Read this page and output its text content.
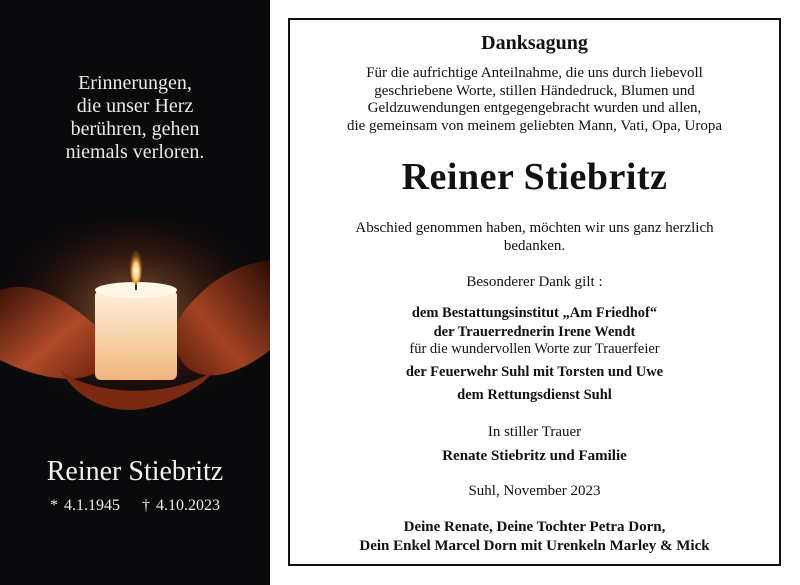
Erinnerungen,
die unser Herz
berühren, gehen
niemals verloren.
Reiner Stiebritz
* 4.1.1945 † 4.10.2023
Danksagung
Für die aufrichtige Anteilnahme, die uns durch liebevoll
geschriebene Worte, stillen Händedruck, Blumen und
Geldzuwendungen entgegengebracht wurden und allen,
die gemeinsam von meinem geliebten Mann, Vati, Opa, Uropa
Reiner Stiebritz
Abschied genommen haben, möchten wir uns ganz herzlich
bedanken.
Besonderer Dank gilt :
dem Bestattungsinstitut „Am Friedhof“
der Trauerrednerin Irene Wendt
für die wundervollen Worte zur Trauerfeier
der Feuerwehr Suhl mit Torsten und Uwe
dem Rettungsdienst Suhl
In stiller Trauer
Renate Stiebritz und Familie
Suhl, November 2023
Deine Renate, Deine Tochter Petra Dorn,
Dein Enkel Marcel Dorn mit Urenkeln Marley & Mick
